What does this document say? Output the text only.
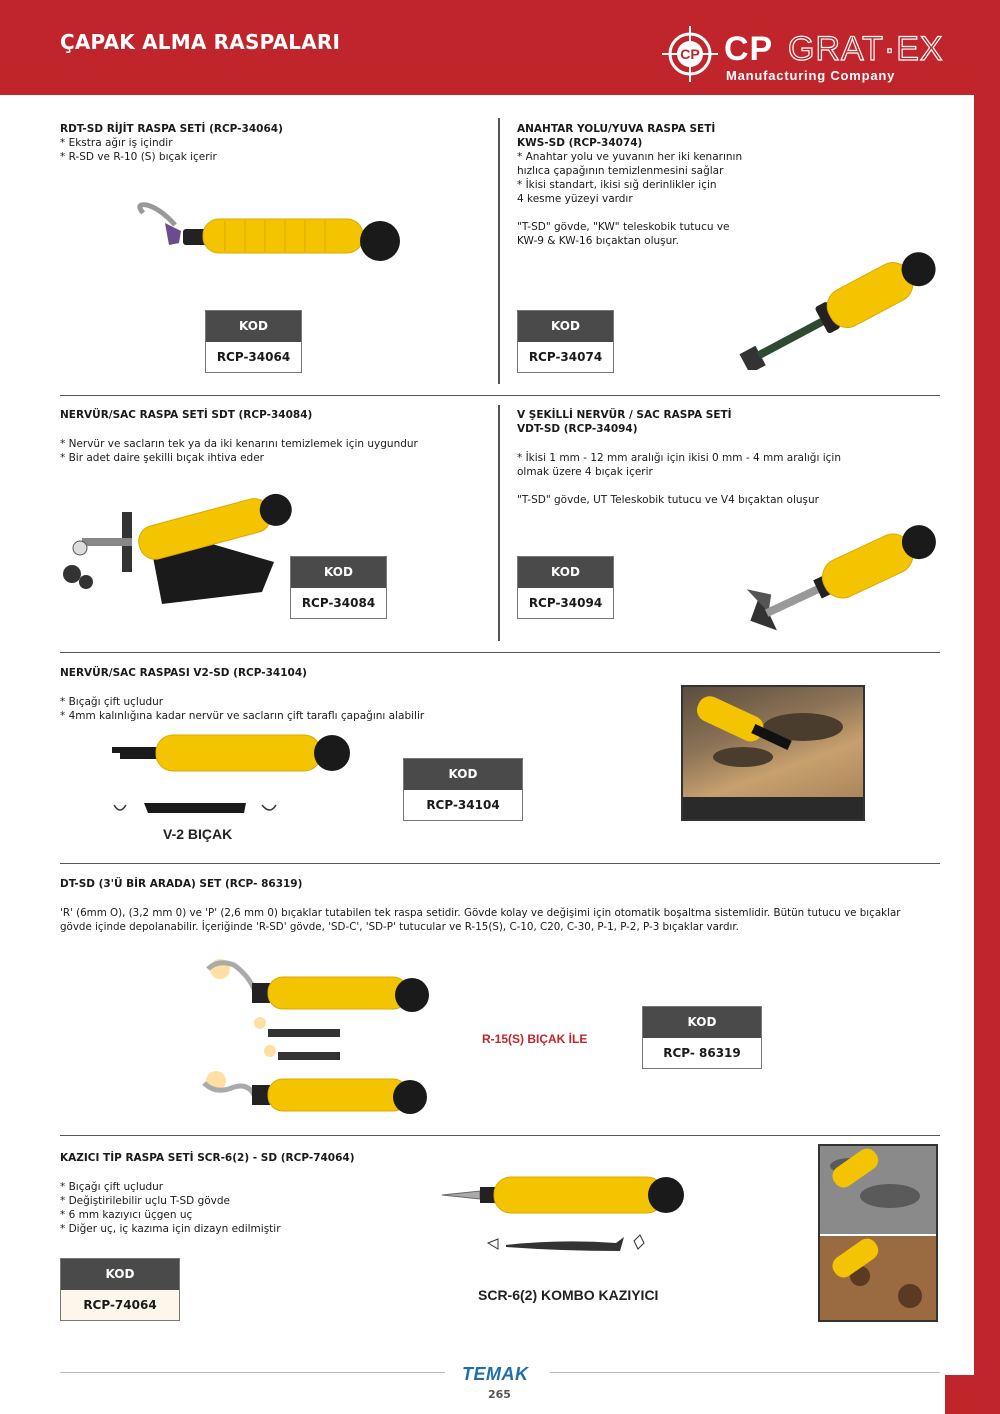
ÇAPAK ALMA RASPALARI	CP CP GRAT·EX
Manufacturing Company
RDT-SD RİJİT RASPA SETİ (RCP-34064)
* Ekstra ağır iş içindir
* R-SD ve R-10 (S) bıçak içerir
KOD
RCP-34064
ANAHTAR YOLU/YUVA RASPA SETİ
KWS-SD (RCP-34074)
* Anahtar yolu ve yuvanın her iki kenarının
hızlıca çapağının temizlenmesini sağlar
* İkisi standart, ikisi sığ derinlikler için
4 kesme yüzeyi vardır
"T-SD" gövde, "KW" teleskobik tutucu ve
KW-9 & KW-16 bıçaktan oluşur.
KOD
RCP-34074
NERVÜR/SAC RASPA SETİ SDT (RCP-34084)
* Nervür ve sacların tek ya da iki kenarını temizlemek için uygundur
* Bir adet daire şekilli bıçak ihtiva eder
KOD
RCP-34084
V ŞEKİLLİ NERVÜR / SAC RASPA SETİ
VDT-SD (RCP-34094)
* İkisi 1 mm - 12 mm aralığı için ikisi 0 mm - 4 mm aralığı için
olmak üzere 4 bıçak içerir
"T-SD" gövde, UT Teleskobik tutucu ve V4 bıçaktan oluşur
KOD
RCP-34094
NERVÜR/SAC RASPASI V2-SD (RCP-34104)
* Bıçağı çift uçludur
* 4mm kalınlığına kadar nervür ve sacların çift taraflı çapağını alabilir
V-2 BIÇAK
KOD
RCP-34104
DT-SD (3'Ü BİR ARADA) SET (RCP- 86319)
'R' (6mm O), (3,2 mm 0) ve 'P' (2,6 mm 0) bıçaklar tutabilen tek raspa setidir. Gövde kolay ve değişimi için otomatik boşaltma sistemlidir. Bütün tutucu ve bıçaklar
gövde içinde depolanabilir. İçeriğinde 'R-SD' gövde, 'SD-C', 'SD-P' tutucular ve R-15(S), C-10, C20, C-30, P-1, P-2, P-3 bıçaklar vardır.
R-15(S) BIÇAK İLE
KOD
RCP- 86319
KAZICI TİP RASPA SETİ SCR-6(2) - SD (RCP-74064)
* Bıçağı çift uçludur
* Değiştirilebilir uçlu T-SD gövde
* 6 mm kazıyıcı üçgen uç
* Diğer uç, iç kazıma için dizayn edilmiştir
KOD
RCP-74064
SCR-6(2) KOMBO KAZIYICI
TEMAK
265
